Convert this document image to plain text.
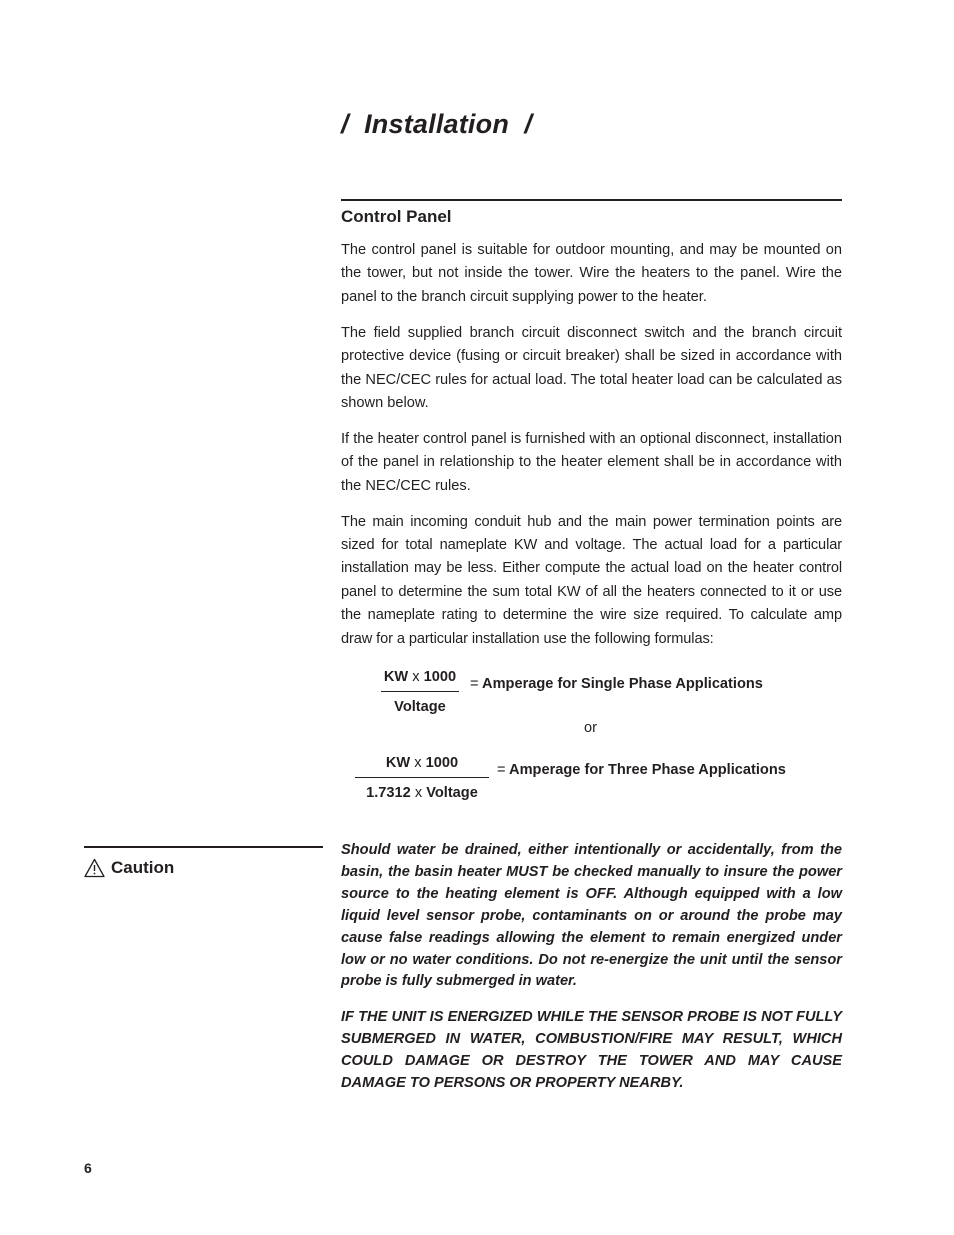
/  Installation  /
Control Panel

The control panel is suitable for outdoor mounting, and may be mounted on the tower, but not inside the tower. Wire the heaters to the panel. Wire the panel to the branch circuit supplying power to the heater.

The field supplied branch circuit disconnect switch and the branch circuit protective device (fusing or circuit breaker) shall be sized in accordance with the NEC/CEC rules for actual load. The total heater load can be calculated as shown below.

If the heater control panel is furnished with an optional disconnect, installation of the panel in relationship to the heater element shall be in accordance with the NEC/CEC rules.

The main incoming conduit hub and the main power termination points are sized for total nameplate KW and voltage. The actual load for a particular installation may be less. Either compute the actual load on the heater control panel to determine the sum total KW of all the heaters connected to it or use the nameplate rating to determine the wire size required. To calculate amp draw for a particular installation use the following formulas:

KW x 1000
Voltage
= Amperage for Single Phase Applications
or
KW x 1000
1.7312 x Voltage
= Amperage for Three Phase Applications
Caution

Should water be drained, either intentionally or accidentally, from the basin, the basin heater MUST be checked manually to insure the power source to the heating element is OFF. Although equipped with a low liquid level sensor probe, contaminants on or around the probe may cause false readings allowing the element to remain energized under low or no water conditions. Do not re-energize the unit until the sensor probe is fully submerged in water.

IF THE UNIT IS ENERGIZED WHILE THE SENSOR PROBE IS NOT FULLY SUBMERGED IN WATER, COMBUSTION/FIRE MAY RESULT, WHICH COULD DAMAGE OR DESTROY THE TOWER AND MAY CAUSE DAMAGE TO PERSONS OR PROPERTY NEARBY.

6
